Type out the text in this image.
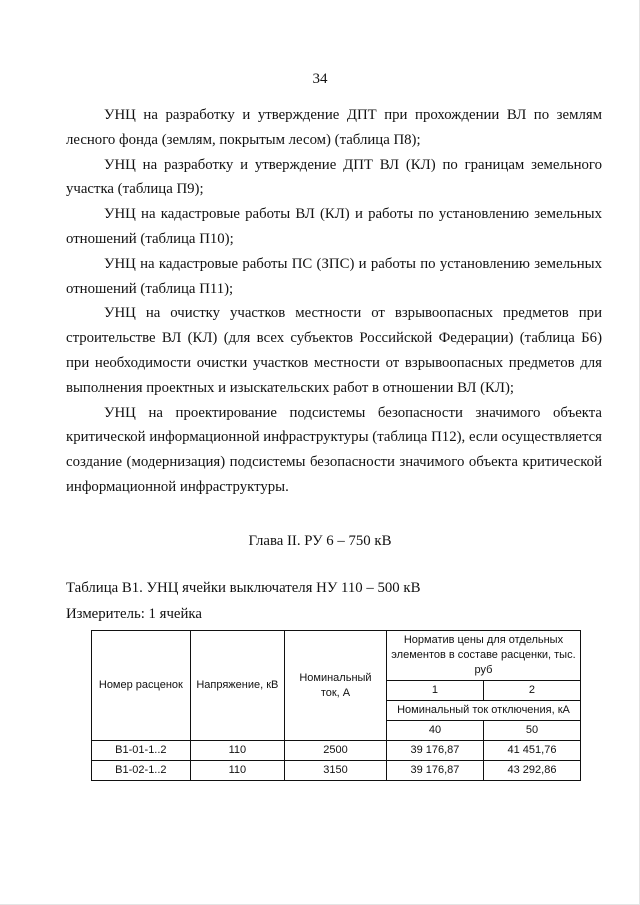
34

УНЦ на разработку и утверждение ДПТ при прохождении ВЛ по землям лесного фонда (землям, покрытым лесом) (таблица П8);

УНЦ на разработку и утверждение ДПТ ВЛ (КЛ) по границам земельного участка (таблица П9);

УНЦ на кадастровые работы ВЛ (КЛ) и работы по установлению земельных отношений (таблица П10);

УНЦ на кадастровые работы ПС (ЗПС) и работы по установлению земельных отношений (таблица П11);

УНЦ на очистку участков местности от взрывоопасных предметов при строительстве ВЛ (КЛ) (для всех субъектов Российской Федерации) (таблица Б6) при необходимости очистки участков местности от взрывоопасных предметов для выполнения проектных и изыскательских работ в отношении ВЛ (КЛ);

УНЦ на проектирование подсистемы безопасности значимого объекта критической информационной инфраструктуры (таблица П12), если осуществляется создание (модернизация) подсистемы безопасности значимого объекта критической информационной инфраструктуры.

Глава II. РУ 6 – 750 кВ
Таблица В1. УНЦ ячейки выключателя НУ 110 – 500 кВ
Измеритель: 1 ячейка
Номер расценок	Напряжение, кВ	Номинальный ток, А	Норматив цены для отдельных элементов в составе расценки, тыс. руб	
			1	2
			Номинальный ток отключения, кА	
			40	50
В1-01-1..2	110	2500	39 176,87	41 451,76
В1-02-1..2	110	3150	39 176,87	43 292,86
